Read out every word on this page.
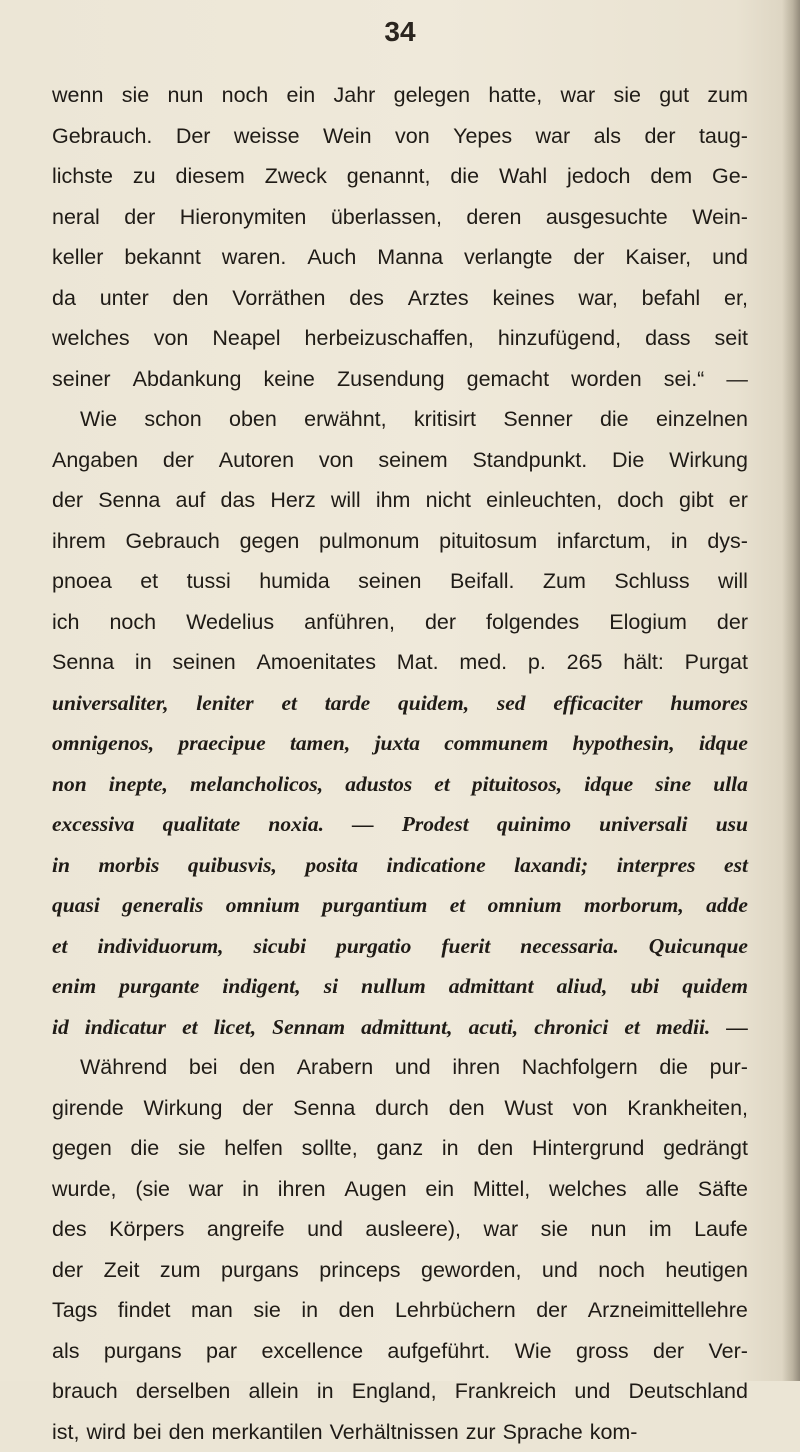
34
wenn sie nun noch ein Jahr gelegen hatte, war sie gut zum
Gebrauch. Der weisse Wein von Yepes war als der taug-
lichste zu diesem Zweck genannt, die Wahl jedoch dem Ge-
neral der Hieronymiten überlassen, deren ausgesuchte Wein-
keller bekannt waren. Auch Manna verlangte der Kaiser, und
da unter den Vorräthen des Arztes keines war, befahl er,
welches von Neapel herbeizuschaffen, hinzufügend, dass seit
seiner Abdankung keine Zusendung gemacht worden sei.“ —
Wie schon oben erwähnt, kritisirt Senner die einzelnen
Angaben der Autoren von seinem Standpunkt. Die Wirkung
der Senna auf das Herz will ihm nicht einleuchten, doch gibt er
ihrem Gebrauch gegen pulmonum pituitosum infarctum, in dys-
pnoea et tussi humida seinen Beifall. Zum Schluss will
ich noch Wedelius anführen, der folgendes Elogium der
Senna in seinen Amoenitates Mat. med. p. 265 hält: Purgat
universaliter, leniter et tarde quidem, sed efficaciter humores
omnigenos, praecipue tamen, juxta communem hypothesin, idque
non inepte, melancholicos, adustos et pituitosos, idque sine ulla
excessiva qualitate noxia. — Prodest quinimo universali usu
in morbis quibusvis, posita indicatione laxandi; interpres est
quasi generalis omnium purgantium et omnium morborum, adde
et individuorum, sicubi purgatio fuerit necessaria. Quicunque
enim purgante indigent, si nullum admittant aliud, ubi quidem
id indicatur et licet, Sennam admittunt, acuti, chronici et medii. —
Während bei den Arabern und ihren Nachfolgern die pur-
girende Wirkung der Senna durch den Wust von Krankheiten,
gegen die sie helfen sollte, ganz in den Hintergrund gedrängt
wurde, (sie war in ihren Augen ein Mittel, welches alle Säfte
des Körpers angreife und ausleere), war sie nun im Laufe
der Zeit zum purgans princeps geworden, und noch heutigen
Tags findet man sie in den Lehrbüchern der Arzneimittellehre
als purgans par excellence aufgeführt. Wie gross der Ver-
brauch derselben allein in England, Frankreich und Deutschland
ist, wird bei den merkantilen Verhältnissen zur Sprache kom-
